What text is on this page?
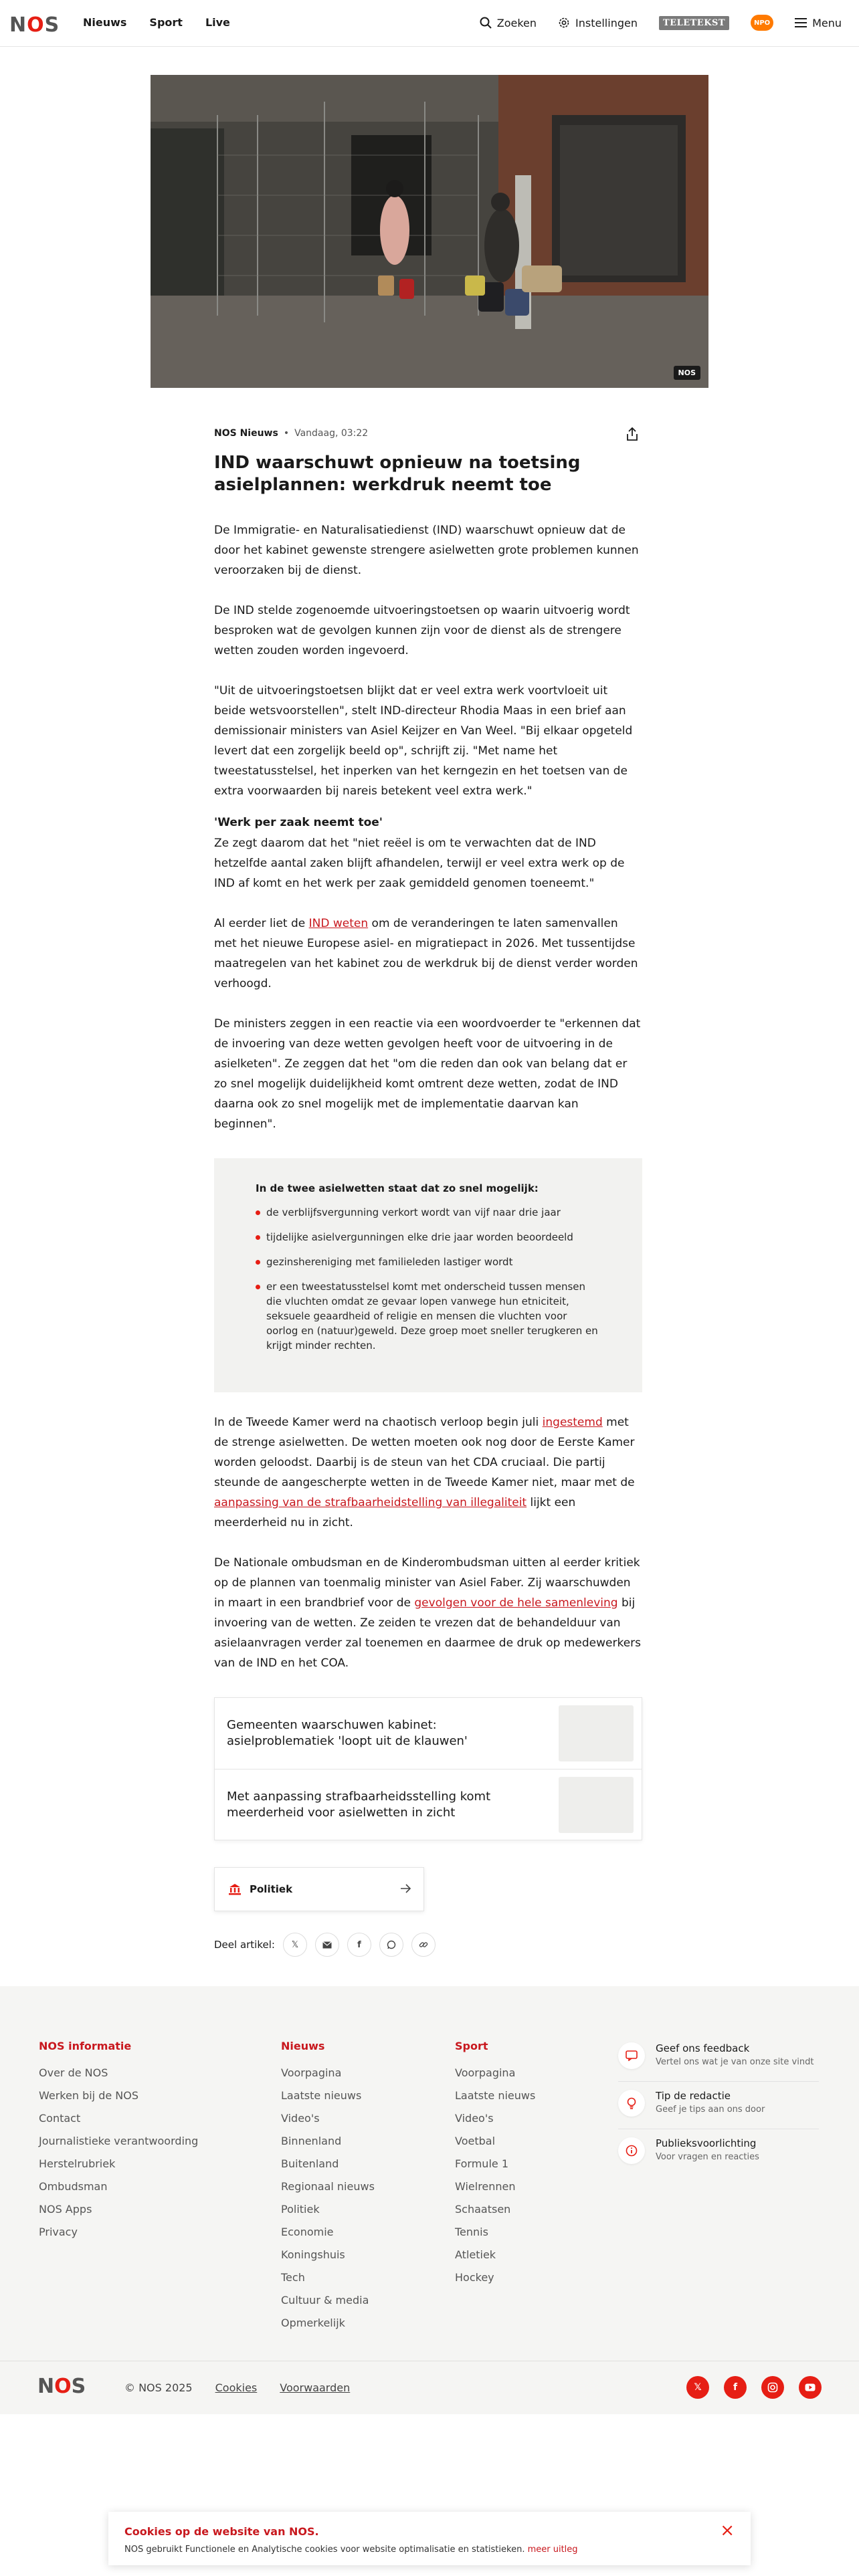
NOS Nieuws Sport Live	Zoeken	Instellingen	TELETEKST	NPO	Menu
NOS
NOS Nieuws • Vandaag, 03:22
IND waarschuwt opnieuw na toetsing asielplannen: werkdruk neemt toe

De Immigratie- en Naturalisatiedienst (IND) waarschuwt opnieuw dat de door het kabinet gewenste strengere asielwetten grote problemen kunnen veroorzaken bij de dienst.

De IND stelde zogenoemde uitvoeringstoetsen op waarin uitvoerig wordt besproken wat de gevolgen kunnen zijn voor de dienst als de strengere wetten zouden worden ingevoerd.

"Uit de uitvoeringstoetsen blijkt dat er veel extra werk voortvloeit uit beide wetsvoorstellen", stelt IND-directeur Rhodia Maas in een brief aan demissionair ministers van Asiel Keijzer en Van Weel. "Bij elkaar opgeteld levert dat een zorgelijk beeld op", schrijft zij. "Met name het tweestatusstelsel, het inperken van het kerngezin en het toetsen van de extra voorwaarden bij nareis betekent veel extra werk."

'Werk per zaak neemt toe'

Ze zegt daarom dat het "niet reëel is om te verwachten dat de IND hetzelfde aantal zaken blijft afhandelen, terwijl er veel extra werk op de IND af komt en het werk per zaak gemiddeld genomen toeneemt."

Al eerder liet de IND weten om de veranderingen te laten samenvallen met het nieuwe Europese asiel- en migratiepact in 2026. Met tussentijdse maatregelen van het kabinet zou de werkdruk bij de dienst verder worden verhoogd.

De ministers zeggen in een reactie via een woordvoerder te "erkennen dat de invoering van deze wetten gevolgen heeft voor de uitvoering in de asielketen". Ze zeggen dat het "om die reden dan ook van belang dat er zo snel mogelijk duidelijkheid komt omtrent deze wetten, zodat de IND daarna ook zo snel mogelijk met de implementatie daarvan kan beginnen".

In de twee asielwetten staat dat zo snel mogelijk:
de verblijfsvergunning verkort wordt van vijf naar drie jaar
tijdelijke asielvergunningen elke drie jaar worden beoordeeld
gezinshereniging met familieleden lastiger wordt
er een tweestatusstelsel komt met onderscheid tussen mensen die vluchten omdat ze gevaar lopen vanwege hun etniciteit, seksuele geaardheid of religie en mensen die vluchten voor oorlog en (natuur)geweld. Deze groep moet sneller terugkeren en krijgt minder rechten.

In de Tweede Kamer werd na chaotisch verloop begin juli ingestemd met de strenge asielwetten. De wetten moeten ook nog door de Eerste Kamer worden geloodst. Daarbij is de steun van het CDA cruciaal. Die partij steunde de aangescherpte wetten in de Tweede Kamer niet, maar met de aanpassing van de strafbaarheidstelling van illegaliteit lijkt een meerderheid nu in zicht.

De Nationale ombudsman en de Kinderombudsman uitten al eerder kritiek op de plannen van toenmalig minister van Asiel Faber. Zij waarschuwden in maart in een brandbrief voor de gevolgen voor de hele samenleving bij invoering van de wetten. Ze zeiden te vrezen dat de behandelduur van asielaanvragen verder zal toenemen en daarmee de druk op medewerkers van de IND en het COA.

Gemeenten waarschuwen kabinet: asielproblematiek 'loopt uit de klauwen'
Met aanpassing strafbaarheidsstelling komt meerderheid voor asielwetten in zicht
Politiek
Deel artikel: 𝕏	f
NOS informatie
Over de NOS
Werken bij de NOS
Contact
Journalistieke verantwoording
Herstelrubriek
Ombudsman
NOS Apps
Privacy
Nieuws
Voorpagina
Laatste nieuws
Video's
Binnenland
Buitenland
Regionaal nieuws
Politiek
Economie
Koningshuis
Tech
Cultuur & media
Opmerkelijk
Sport
Voorpagina
Laatste nieuws
Video's
Voetbal
Formule 1
Wielrennen
Schaatsen
Tennis
Atletiek
Hockey
Geef ons feedback
Vertel ons wat je van onze site vindt
Tip de redactie
Geef je tips aan ons door
Publieksvoorlichting
Voor vragen en reacties
NOS	© NOS 2025 Cookies Voorwaarden	𝕏	f
Cookies op de website van NOS.

NOS gebruikt Functionele en Analytische cookies voor website optimalisatie en statistieken. meer uitleg

×
